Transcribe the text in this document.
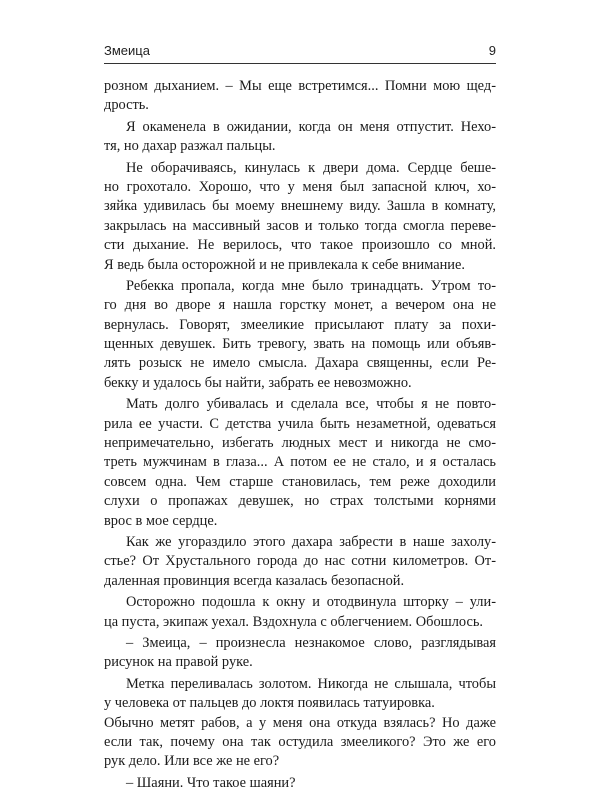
Змеица	9
розном дыханием. – Мы еще встретимся... Помни мою щед-
дрость.
Я окаменела в ожидании, когда он меня отпустит. Нехо-
тя, но дахар разжал пальцы.
Не оборачиваясь, кинулась к двери дома. Сердце беше-
но грохотало. Хорошо, что у меня был запасной ключ, хо-
зяйка удивилась бы моему внешнему виду. Зашла в комнату,
закрылась на массивный засов и только тогда смогла переве-
сти дыхание. Не верилось, что такое произошло со мной.
Я ведь была осторожной и не привлекала к себе внимание.
Ребекка пропала, когда мне было тринадцать. Утром то-
го дня во дворе я нашла горстку монет, а вечером она не
вернулась. Говорят, змееликие присылают плату за похи-
щенных девушек. Бить тревогу, звать на помощь или объяв-
лять розыск не имело смысла. Дахара священны, если Ре-
бекку и удалось бы найти, забрать ее невозможно.
Мать долго убивалась и сделала все, чтобы я не повто-
рила ее участи. С детства учила быть незаметной, одеваться
непримечательно, избегать людных мест и никогда не смо-
треть мужчинам в глаза... А потом ее не стало, и я осталась
совсем одна. Чем старше становилась, тем реже доходили
слухи о пропажах девушек, но страх толстыми корнями
врос в мое сердце.
Как же угораздило этого дахара забрести в наше захолу-
стье? От Хрустального города до нас сотни километров. От-
даленная провинция всегда казалась безопасной.
Осторожно подошла к окну и отодвинула шторку – ули-
ца пуста, экипаж уехал. Вздохнула с облегчением. Обошлось.
– Змеица, – произнесла незнакомое слово, разглядывая
рисунок на правой руке.
Метка переливалась золотом. Никогда не слышала, чтобы
у человека от пальцев до локтя появилась татуировка.
Обычно метят рабов, а у меня она откуда взялась? Но даже
если так, почему она так остудила змееликого? Это же его
рук дело. Или все же не его?
– Шаяни. Что такое шаяни?
